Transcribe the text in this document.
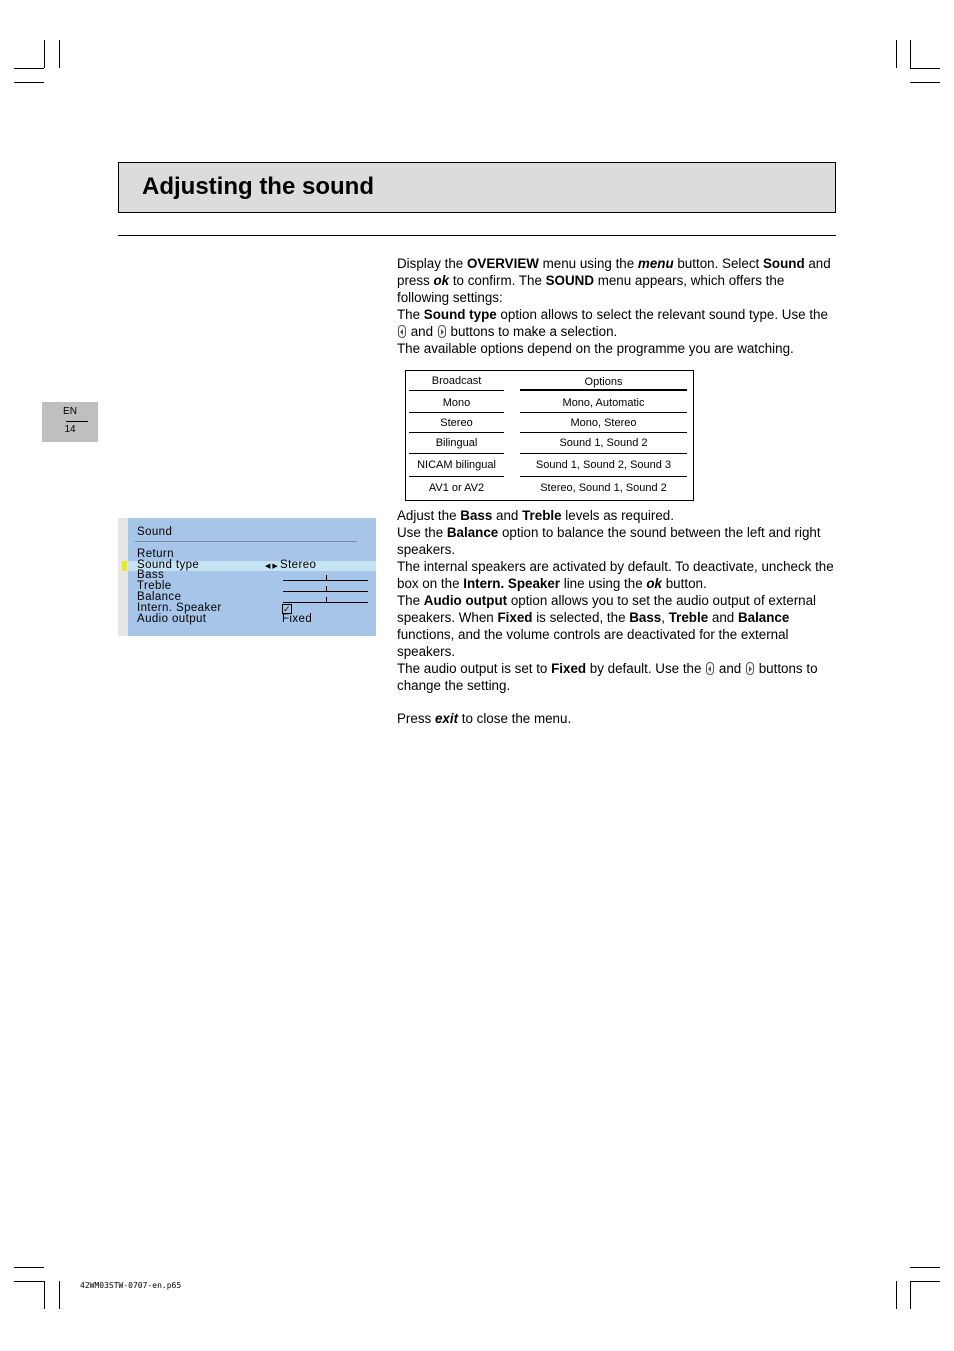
Adjusting the sound
EN
14

Display the OVERVIEW menu using the menu button. Select Sound and press ok to confirm. The SOUND menu appears, which offers the following settings:

The Sound type option allows to select the relevant sound type. Use the  and  buttons to make a selection.

The available options depend on the programme you are watching.

Broadcast	Options
Mono	Mono, Automatic
Stereo	Mono, Stereo
Bilingual	Sound 1, Sound 2
NICAM bilingual	Sound 1, Sound 2, Sound 3
AV1 or AV2	Stereo, Sound 1, Sound 2

Adjust the Bass and Treble levels as required.

Use the Balance option to balance the sound between the left and right speakers.

The internal speakers are activated by default. To deactivate, uncheck the box on the Intern. Speaker line using the ok button.

The Audio output option allows you to set the audio output of external speakers. When Fixed is selected, the Bass, Treble and Balance functions, and the volume controls are deactivated for the external speakers.

The audio output is set to Fixed by default. Use the  and  buttons to change the setting.

Press exit to close the menu.

Sound
Return
Sound type	◀ ▶ Stereo
Bass
Treble
Balance
Intern. Speaker	✓
Audio output	Fixed
42WM03STW-0707-en.p65
